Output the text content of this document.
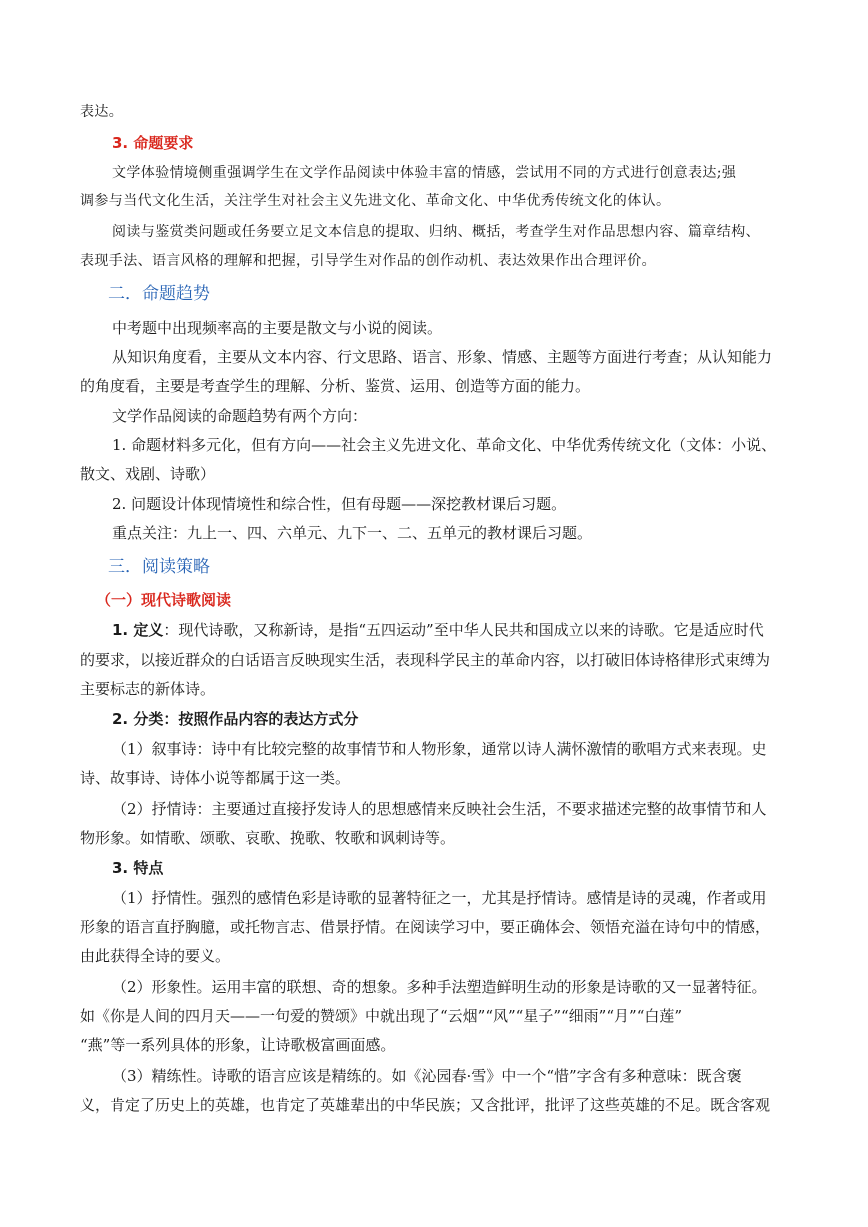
表达。
3. 命题要求
文学体验情境侧重强调学生在文学作品阅读中体验丰富的情感，尝试用不同的方式进行创意表达;强
调参与当代文化生活，关注学生对社会主义先进文化、革命文化、中华优秀传统文化的体认。
阅读与鉴赏类问题或任务要立足文本信息的提取、归纳、概括，考查学生对作品思想内容、篇章结构、
表现手法、语言风格的理解和把握，引导学生对作品的创作动机、表达效果作出合理评价。
二．命题趋势
中考题中出现频率高的主要是散文与小说的阅读。
从知识角度看，主要从文本内容、行文思路、语言、形象、情感、主题等方面进行考查；从认知能力
的角度看，主要是考查学生的理解、分析、鉴赏、运用、创造等方面的能力。
文学作品阅读的命题趋势有两个方向：
1. 命题材料多元化，但有方向——社会主义先进文化、革命文化、中华优秀传统文化（文体：小说、
散文、戏剧、诗歌）
2. 问题设计体现情境性和综合性，但有母题——深挖教材课后习题。
重点关注：九上一、四、六单元、九下一、二、五单元的教材课后习题。
三．阅读策略
（一）现代诗歌阅读
1. 定义：现代诗歌，又称新诗，是指“五四运动”至中华人民共和国成立以来的诗歌。它是适应时代
的要求，以接近群众的白话语言反映现实生活，表现科学民主的革命内容，以打破旧体诗格律形式束缚为
主要标志的新体诗。
2. 分类：按照作品内容的表达方式分
（1）叙事诗：诗中有比较完整的故事情节和人物形象，通常以诗人满怀激情的歌唱方式来表现。史
诗、故事诗、诗体小说等都属于这一类。
（2）抒情诗：主要通过直接抒发诗人的思想感情来反映社会生活，不要求描述完整的故事情节和人
物形象。如情歌、颂歌、哀歌、挽歌、牧歌和讽刺诗等。
3. 特点
（1）抒情性。强烈的感情色彩是诗歌的显著特征之一，尤其是抒情诗。感情是诗的灵魂，作者或用
形象的语言直抒胸臆，或托物言志、借景抒情。在阅读学习中，要正确体会、领悟充溢在诗句中的情感，
由此获得全诗的要义。
（2）形象性。运用丰富的联想、奇的想象。多种手法塑造鲜明生动的形象是诗歌的又一显著特征。
如《你是人间的四月天——一句爱的赞颂》中就出现了“云烟”“风”“星子”“细雨”“月”“白莲”
“燕”等一系列具体的形象，让诗歌极富画面感。
（3）精练性。诗歌的语言应该是精练的。如《沁园春·雪》中一个“惜”字含有多种意味：既含褒
义，肯定了历史上的英雄，也肯定了英雄辈出的中华民族；又含批评，批评了这些英雄的不足。既含客观
